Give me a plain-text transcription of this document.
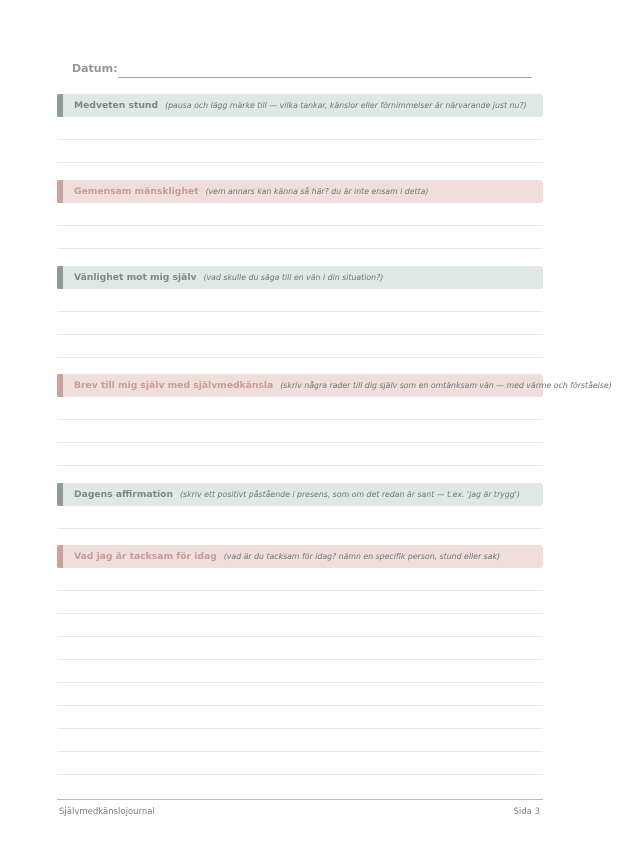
Datum:
Medveten stund (pausa och lägg märke till — vilka tankar, känslor eller förnimmelser är närvarande just nu?)
Gemensam mänsklighet (vem annars kan känna så här? du är inte ensam i detta)
Vänlighet mot mig själv (vad skulle du säga till en vän i din situation?)
Brev till mig själv med självmedkänsla (skriv några rader till dig själv som en omtänksam vän — med värme och förståelse)
Dagens affirmation (skriv ett positivt påstående i presens, som om det redan är sant — t.ex. 'jag är trygg')
Vad jag är tacksam för idag (vad är du tacksam för idag? nämn en specifik person, stund eller sak)
Självmedkänslojournal	Sida 3
